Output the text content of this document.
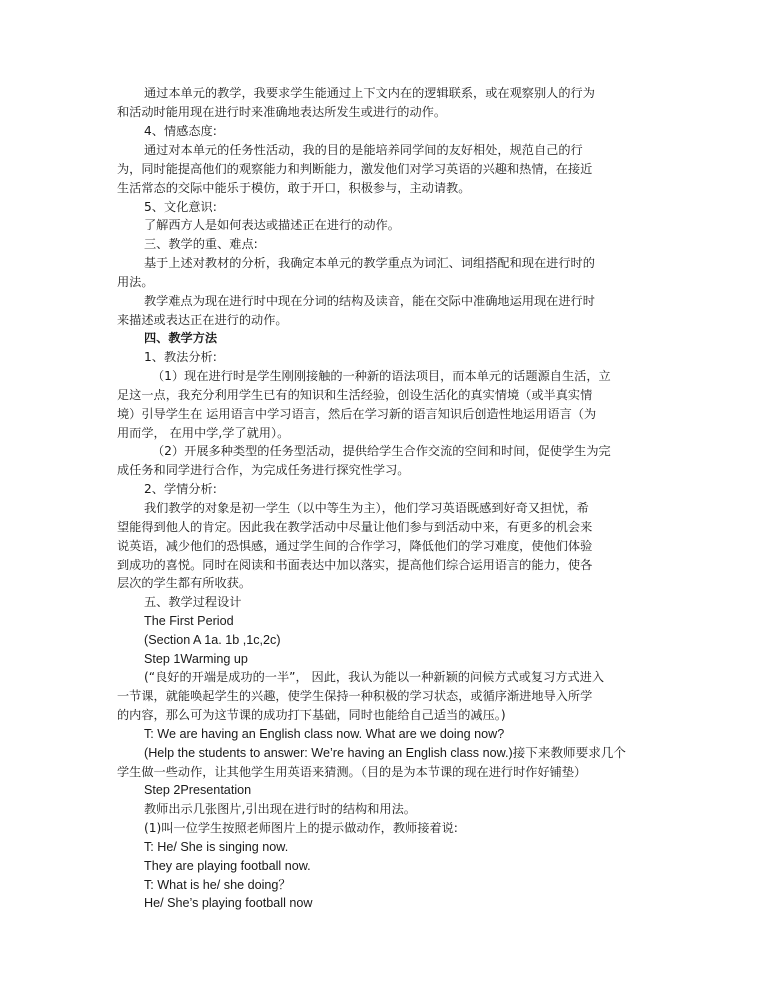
通过本单元的教学，我要求学生能通过上下文内在的逻辑联系，或在观察别人的行为
和活动时能用现在进行时来准确地表达所发生或进行的动作。
4、情感态度:
通过对本单元的任务性活动，我的目的是能培养同学间的友好相处，规范自己的行
为，同时能提高他们的观察能力和判断能力，激发他们对学习英语的兴趣和热情，在接近
生活常态的交际中能乐于模仿，敢于开口，积极参与，主动请教。
5、文化意识:
了解西方人是如何表达或描述正在进行的动作。
三、教学的重、难点:
基于上述对教材的分析，我确定本单元的教学重点为词汇、词组搭配和现在进行时的
用法。
教学难点为现在进行时中现在分词的结构及读音，能在交际中准确地运用现在进行时
来描述或表达正在进行的动作。
四、教学方法
1、教法分析:
（1）现在进行时是学生刚刚接触的一种新的语法项目，而本单元的话题源自生活，立
足这一点，我充分利用学生已有的知识和生活经验，创设生活化的真实情境（或半真实情
境）引导学生在 运用语言中学习语言，然后在学习新的语言知识后创造性地运用语言（为
用而学， 在用中学,学了就用）。
（2）开展多种类型的任务型活动，提供给学生合作交流的空间和时间，促使学生为完
成任务和同学进行合作，为完成任务进行探究性学习。
2、学情分析:
我们教学的对象是初一学生（以中等生为主），他们学习英语既感到好奇又担忧，希
望能得到他人的肯定。因此我在教学活动中尽量让他们参与到活动中来，有更多的机会来
说英语，减少他们的恐惧感，通过学生间的合作学习，降低他们的学习难度，使他们体验
到成功的喜悦。同时在阅读和书面表达中加以落实，提高他们综合运用语言的能力，使各
层次的学生都有所收获。
五、教学过程设计
The First Period
(Section A 1a. 1b ,1c,2c)
Step 1Warming up
(“良好的开端是成功的一半”， 因此，我认为能以一种新颖的问候方式或复习方式进入
一节课，就能唤起学生的兴趣，使学生保持一种积极的学习状态，或循序渐进地导入所学
的内容，那么可为这节课的成功打下基础，同时也能给自己适当的减压。)
T: We are having an English class now. What are we doing now?
(Help the students to answer: We’re having an English class now.)接下来教师要求几个
学生做一些动作，让其他学生用英语来猜测。（目的是为本节课的现在进行时作好铺垫）
Step 2Presentation
教师出示几张图片,引出现在进行时的结构和用法。
(1)叫一位学生按照老师图片上的提示做动作，教师接着说:
T: He/ She is singing now.
They are playing football now.
T: What is he/ she doing？
He/ She’s playing football now
